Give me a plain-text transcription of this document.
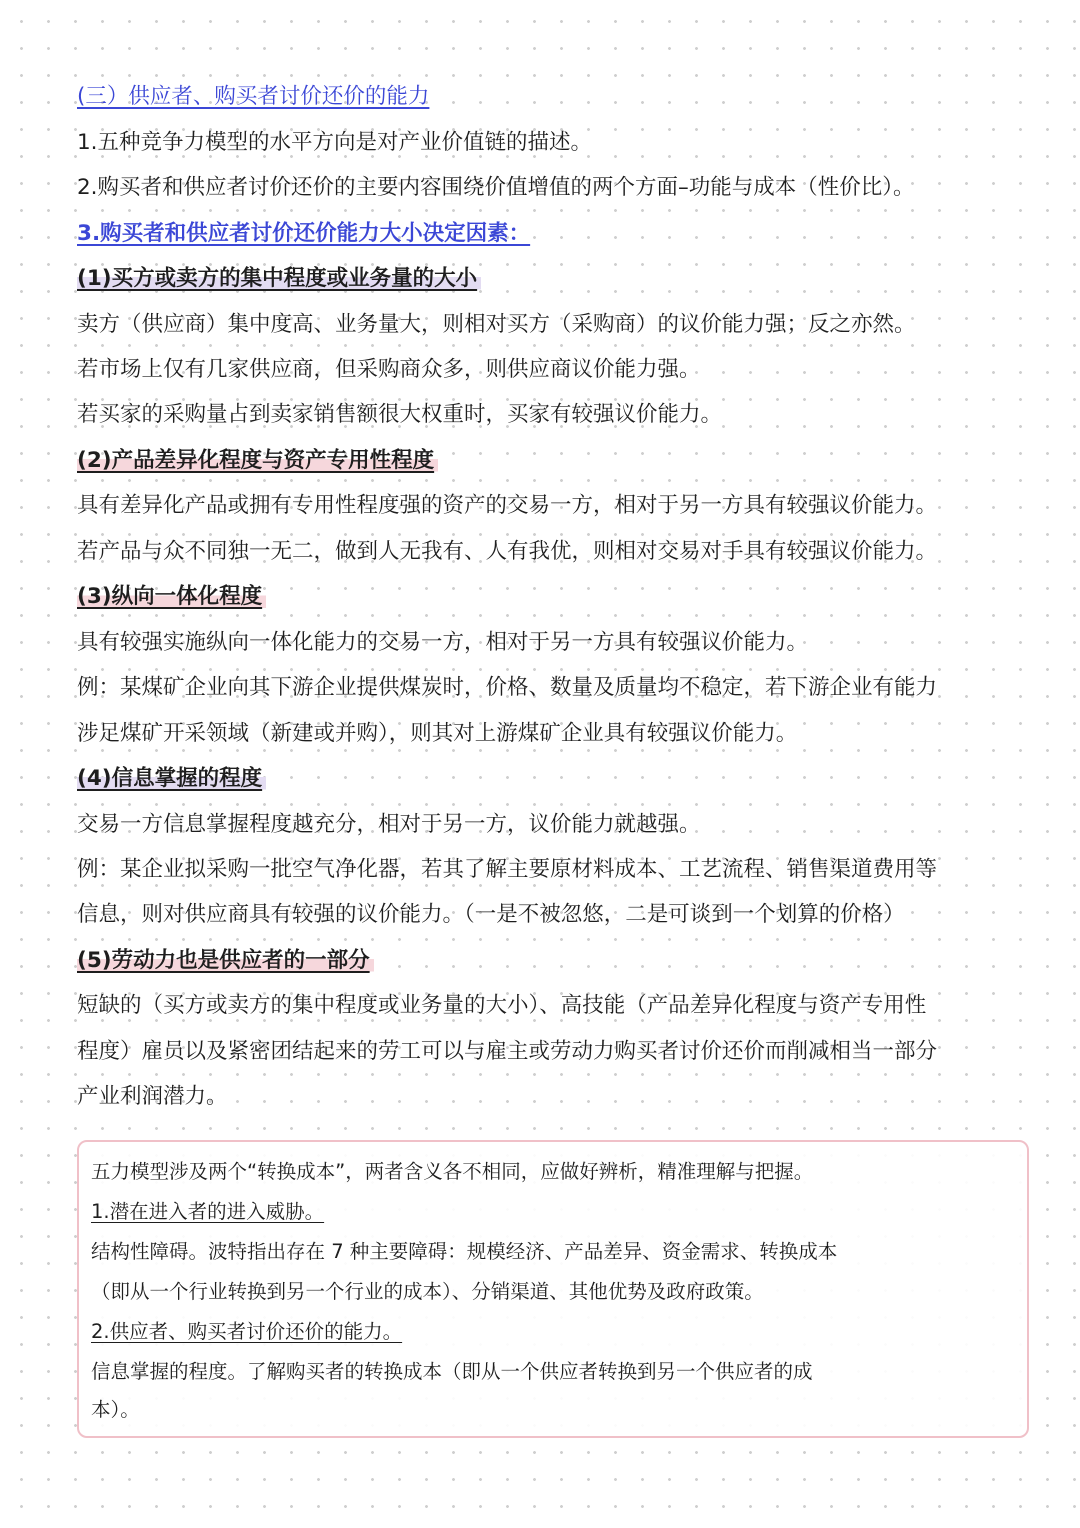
(三）供应者、购买者讨价还价的能力
1.五种竞争力模型的水平方向是对产业价值链的描述。
2.购买者和供应者讨价还价的主要内容围绕价值增值的两个方面–功能与成本（性价比）。
3.购买者和供应者讨价还价能力大小决定因素：
(1)买方或卖方的集中程度或业务量的大小
卖方（供应商）集中度高、业务量大，则相对买方（采购商）的议价能力强；反之亦然。
若市场上仅有几家供应商，但采购商众多，则供应商议价能力强。
若买家的采购量占到卖家销售额很大权重时，买家有较强议价能力。
(2)产品差异化程度与资产专用性程度
具有差异化产品或拥有专用性程度强的资产的交易一方，相对于另一方具有较强议价能力。
若产品与众不同独一无二，做到人无我有、人有我优，则相对交易对手具有较强议价能力。
(3)纵向一体化程度
具有较强实施纵向一体化能力的交易一方，相对于另一方具有较强议价能力。
例：某煤矿企业向其下游企业提供煤炭时，价格、数量及质量均不稳定，若下游企业有能力
涉足煤矿开采领域（新建或并购），则其对上游煤矿企业具有较强议价能力。
(4)信息掌握的程度
交易一方信息掌握程度越充分，相对于另一方，议价能力就越强。
例：某企业拟采购一批空气净化器，若其了解主要原材料成本、工艺流程、销售渠道费用等
信息，则对供应商具有较强的议价能力。（一是不被忽悠，二是可谈到一个划算的价格）
(5)劳动力也是供应者的一部分
短缺的（买方或卖方的集中程度或业务量的大小）、高技能（产品差异化程度与资产专用性
程度）雇员以及紧密团结起来的劳工可以与雇主或劳动力购买者讨价还价而削减相当一部分
产业利润潜力。
五力模型涉及两个“转换成本”，两者含义各不相同，应做好辨析，精准理解与把握。
1.潜在进入者的进入威胁。
结构性障碍。波特指出存在 7 种主要障碍：规模经济、产品差异、资金需求、转换成本
（即从一个行业转换到另一个行业的成本）、分销渠道、其他优势及政府政策。
2.供应者、购买者讨价还价的能力。
信息掌握的程度。了解购买者的转换成本（即从一个供应者转换到另一个供应者的成
本）。
